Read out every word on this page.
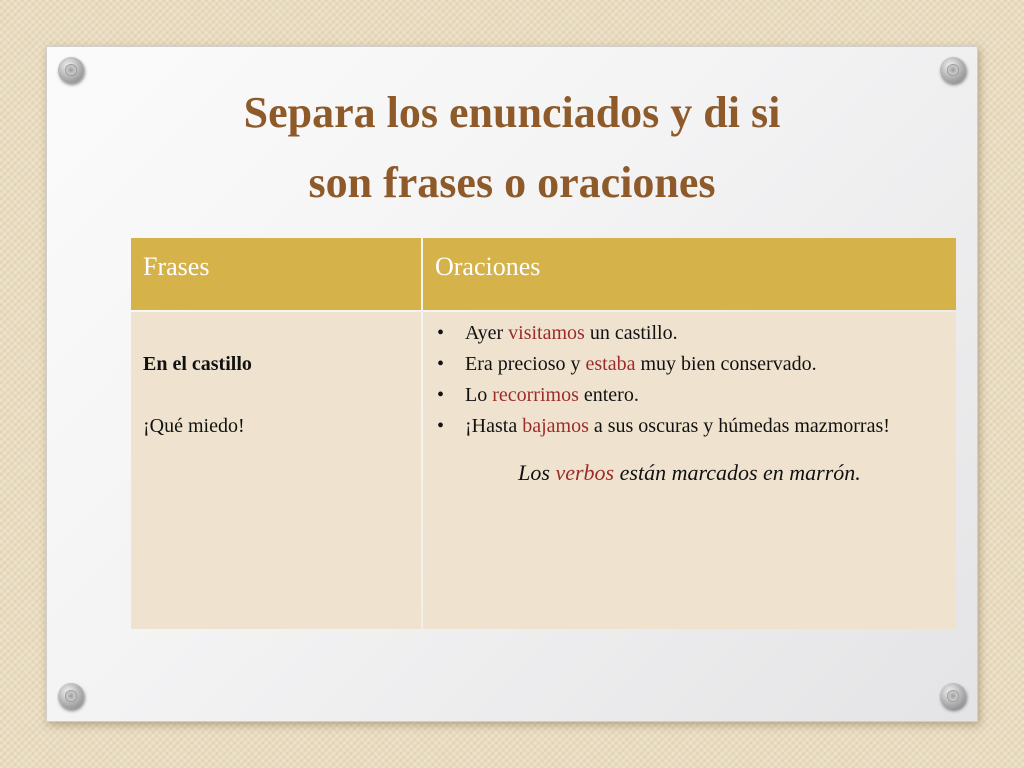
Separa los enunciados y di si
son frases o oraciones
Frases	Oraciones

En el castillo

¡Qué miedo!

• Ayer visitamos un castillo.
• Era precioso y estaba muy bien conservado.
• Lo recorrimos entero.
• ¡Hasta bajamos a sus oscuras y húmedas mazmorras!

Los verbos están marcados en marrón.
